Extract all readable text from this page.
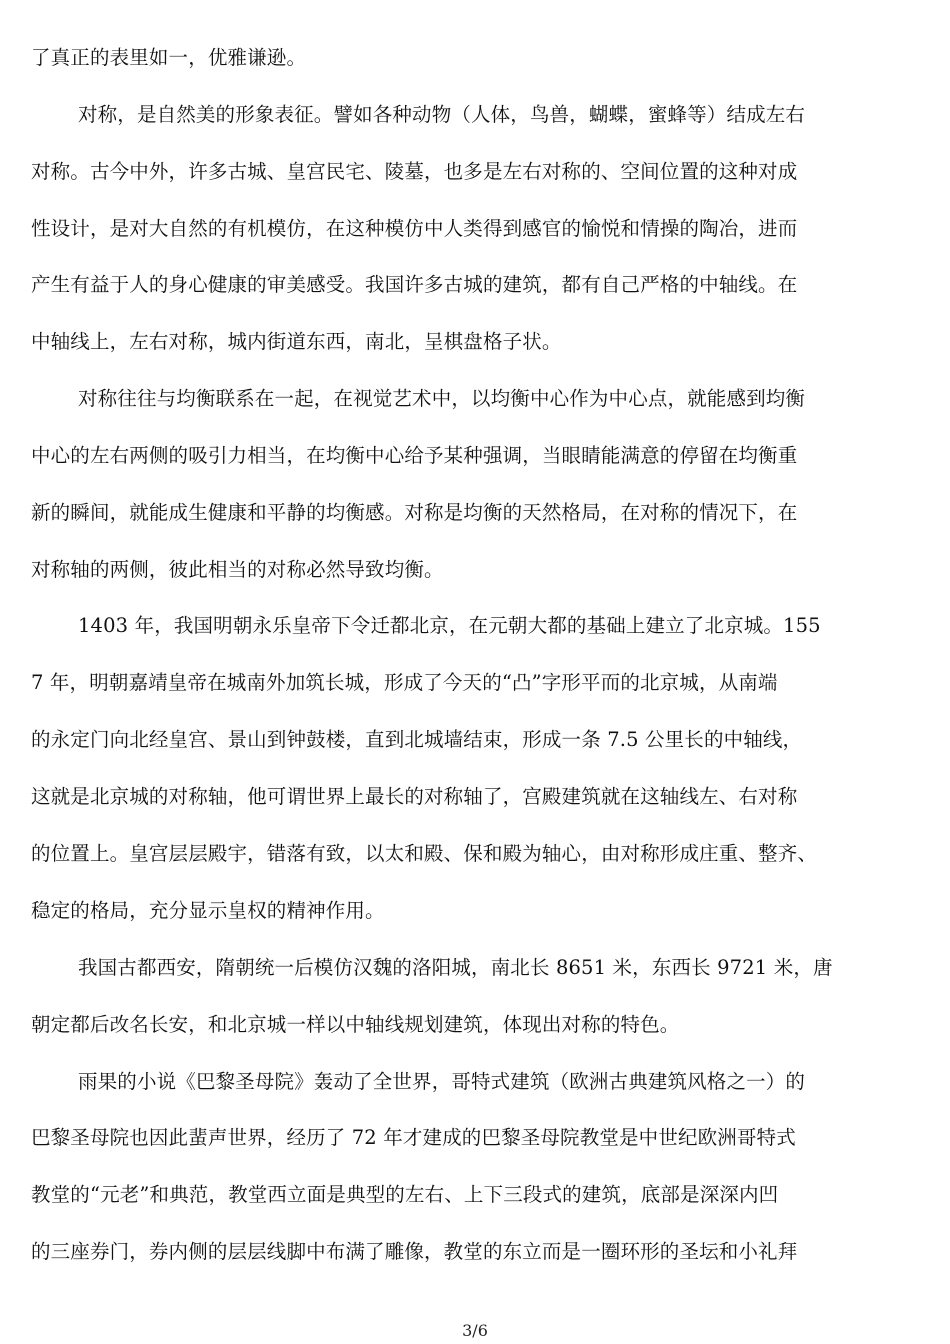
了真正的表里如一，优雅谦逊。
对称，是自然美的形象表征。譬如各种动物（人体，鸟兽，蝴蝶，蜜蜂等）结成左右
对称。古今中外，许多古城、皇宫民宅、陵墓，也多是左右对称的、空间位置的这种对成
性设计，是对大自然的有机模仿，在这种模仿中人类得到感官的愉悦和情操的陶冶，进而
产生有益于人的身心健康的审美感受。我国许多古城的建筑，都有自己严格的中轴线。在
中轴线上，左右对称，城内街道东西，南北，呈棋盘格子状。
对称往往与均衡联系在一起，在视觉艺术中，以均衡中心作为中心点，就能感到均衡
中心的左右两侧的吸引力相当，在均衡中心给予某种强调，当眼睛能满意的停留在均衡重
新的瞬间，就能成生健康和平静的均衡感。对称是均衡的天然格局，在对称的情况下，在
对称轴的两侧，彼此相当的对称必然导致均衡。
1403 年，我国明朝永乐皇帝下令迁都北京，在元朝大都的基础上建立了北京城。155
7 年，明朝嘉靖皇帝在城南外加筑长城，形成了今天的“凸”字形平而的北京城，从南端
的永定门向北经皇宫、景山到钟鼓楼，直到北城墙结束，形成一条 7.5 公里长的中轴线，
这就是北京城的对称轴，他可谓世界上最长的对称轴了，宫殿建筑就在这轴线左、右对称
的位置上。皇宫层层殿宇，错落有致，以太和殿、保和殿为轴心，由对称形成庄重、整齐、
稳定的格局，充分显示皇权的精神作用。
我国古都西安，隋朝统一后模仿汉魏的洛阳城，南北长 8651 米，东西长 9721 米，唐
朝定都后改名长安，和北京城一样以中轴线规划建筑，体现出对称的特色。
雨果的小说《巴黎圣母院》轰动了全世界，哥特式建筑（欧洲古典建筑风格之一）的
巴黎圣母院也因此蜚声世界，经历了 72 年才建成的巴黎圣母院教堂是中世纪欧洲哥特式
教堂的“元老”和典范，教堂西立面是典型的左右、上下三段式的建筑，底部是深深内凹
的三座券门，券内侧的层层线脚中布满了雕像，教堂的东立而是一圈环形的圣坛和小礼拜
3/6
